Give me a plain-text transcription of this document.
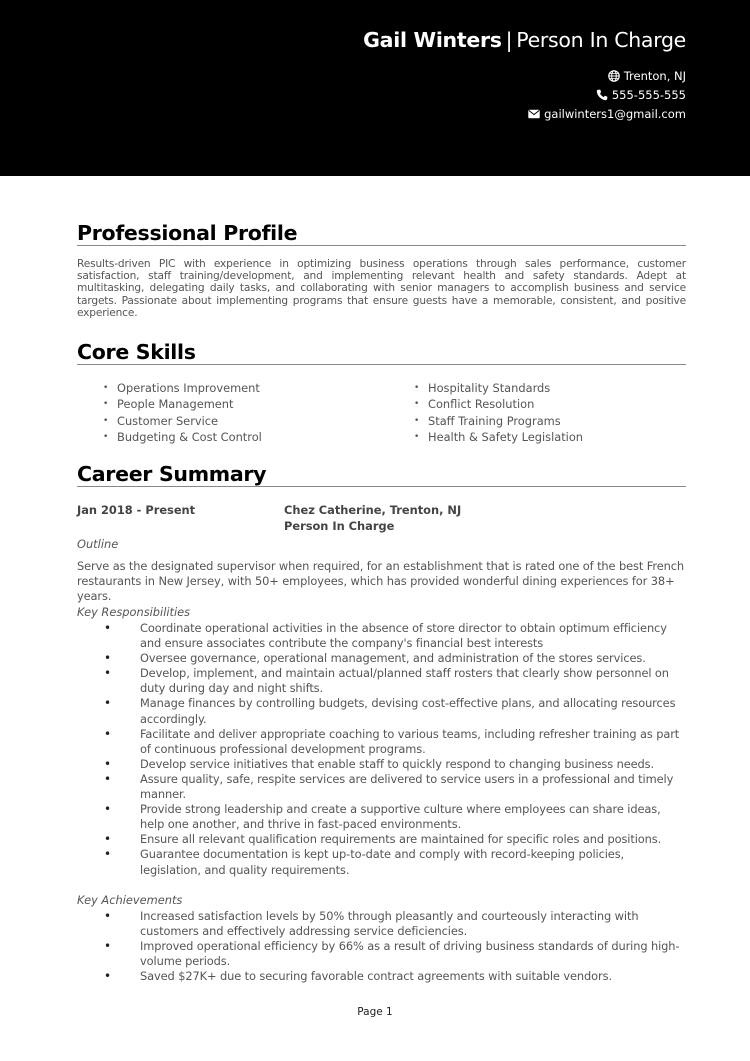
Gail Winters | Person In Charge
Trenton, NJ
555-555-555
gailwinters1@gmail.com
Professional Profile
Results-driven PIC with experience in optimizing business operations through sales performance, customer satisfaction, staff training/development, and implementing relevant health and safety standards. Adept at multitasking, delegating daily tasks, and collaborating with senior managers to accomplish business and service targets. Passionate about implementing programs that ensure guests have a memorable, consistent, and positive experience.
Core Skills
• Operations Improvement
• People Management
• Customer Service
• Budgeting & Cost Control
• Hospitality Standards
• Conflict Resolution
• Staff Training Programs
• Health & Safety Legislation
Career Summary
Jan 2018 - Present	Chez Catherine, Trenton, NJ
Person In Charge
Outline
Serve as the designated supervisor when required, for an establishment that is rated one of the best French restaurants in New Jersey, with 50+ employees, which has provided wonderful dining experiences for 38+ years.
Key Responsibilities
• Coordinate operational activities in the absence of store director to obtain optimum efficiency and ensure associates contribute the company's financial best interests
• Oversee governance, operational management, and administration of the stores services.
• Develop, implement, and maintain actual/planned staff rosters that clearly show personnel on duty during day and night shifts.
• Manage finances by controlling budgets, devising cost-effective plans, and allocating resources accordingly.
• Facilitate and deliver appropriate coaching to various teams, including refresher training as part of continuous professional development programs.
• Develop service initiatives that enable staff to quickly respond to changing business needs.
• Assure quality, safe, respite services are delivered to service users in a professional and timely manner.
• Provide strong leadership and create a supportive culture where employees can share ideas, help one another, and thrive in fast-paced environments.
• Ensure all relevant qualification requirements are maintained for specific roles and positions.
• Guarantee documentation is kept up-to-date and comply with record-keeping policies, legislation, and quality requirements.
Key Achievements
• Increased satisfaction levels by 50% through pleasantly and courteously interacting with customers and effectively addressing service deficiencies.
• Improved operational efficiency by 66% as a result of driving business standards of during high-volume periods.
• Saved $27K+ due to securing favorable contract agreements with suitable vendors.
Page 1
